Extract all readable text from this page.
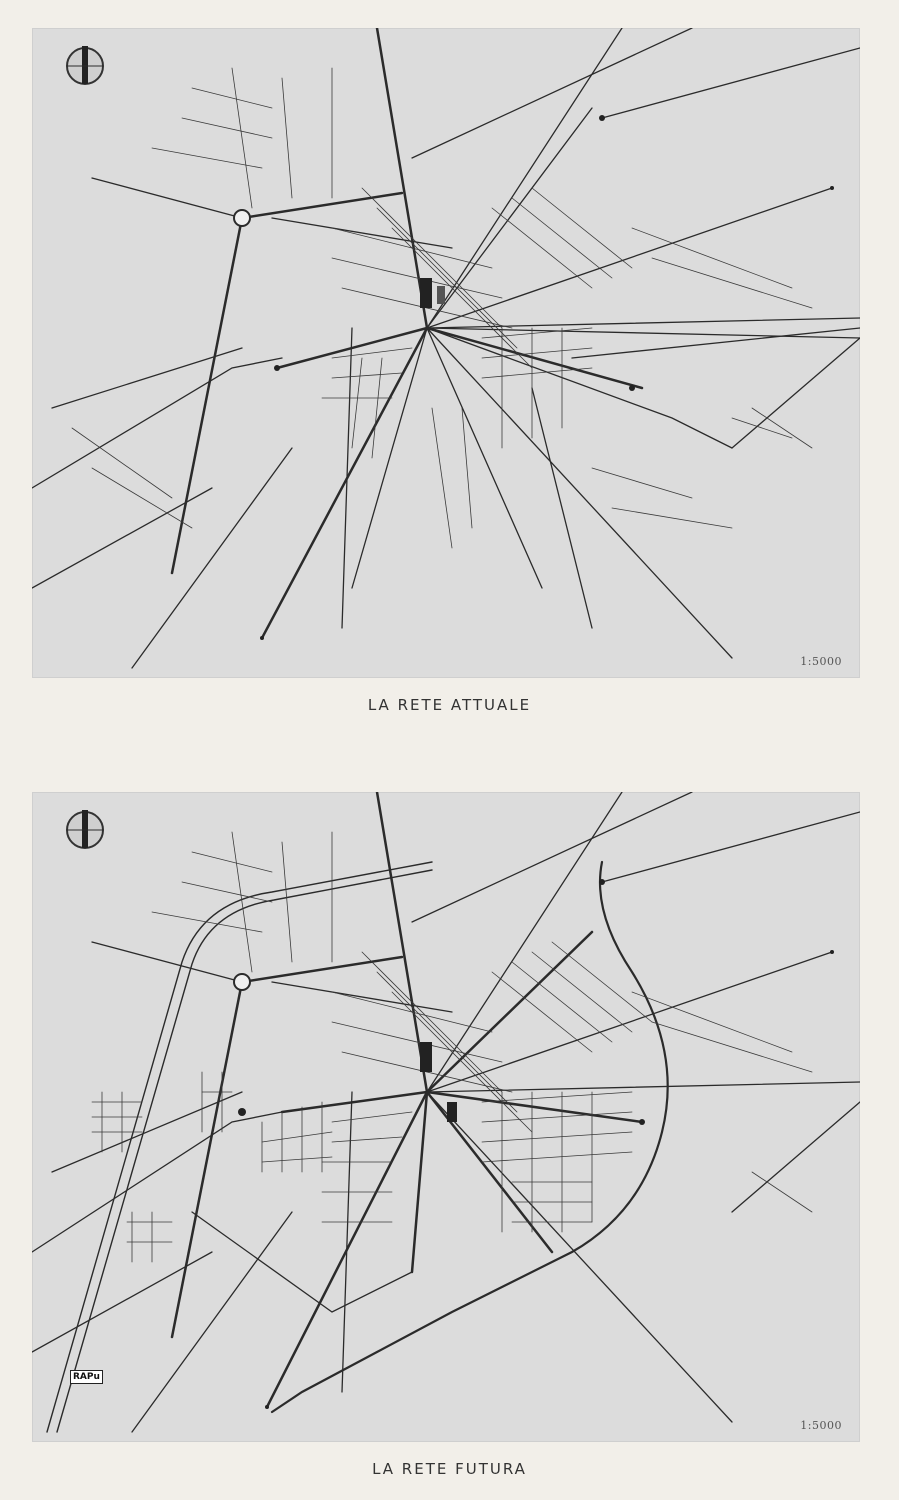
1:5000
LA RETE ATTUALE
1:5000
LA RETE FUTURA
RAPu
